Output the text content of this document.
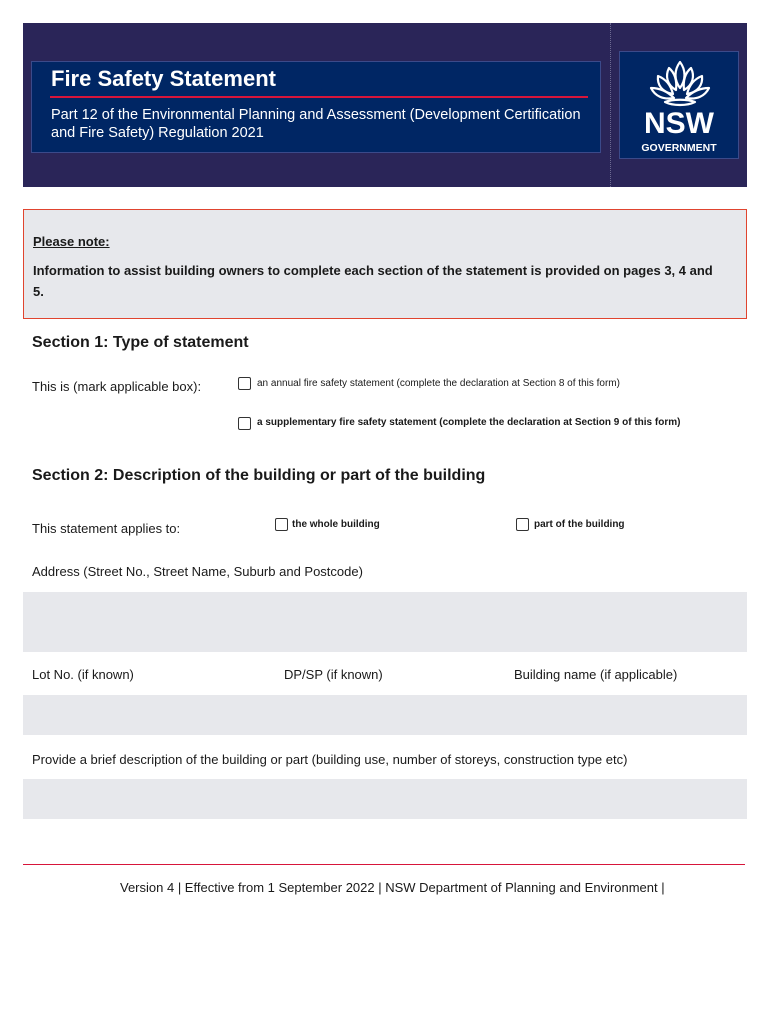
Fire Safety Statement
Part 12 of the Environmental Planning and Assessment (Development Certification and Fire Safety) Regulation 2021	NSW
GOVERNMENT
Please note:
Information to assist building owners to complete each section of the statement is provided on pages 3, 4 and 5.
Section 1: Type of statement
This is (mark applicable box):	an annual fire safety statement (complete the declaration at Section 8 of this form)
a supplementary fire safety statement (complete the declaration at Section 9 of this form)
Section 2: Description of the building or part of the building
This statement applies to:	the whole building	part of the building
Address (Street No., Street Name, Suburb and Postcode)
Lot No. (if known)	DP/SP (if known)	Building name (if applicable)
Provide a brief description of the building or part (building use, number of storeys, construction type etc)
Version 4 | Effective from 1 September 2022 | NSW Department of Planning and Environment |
